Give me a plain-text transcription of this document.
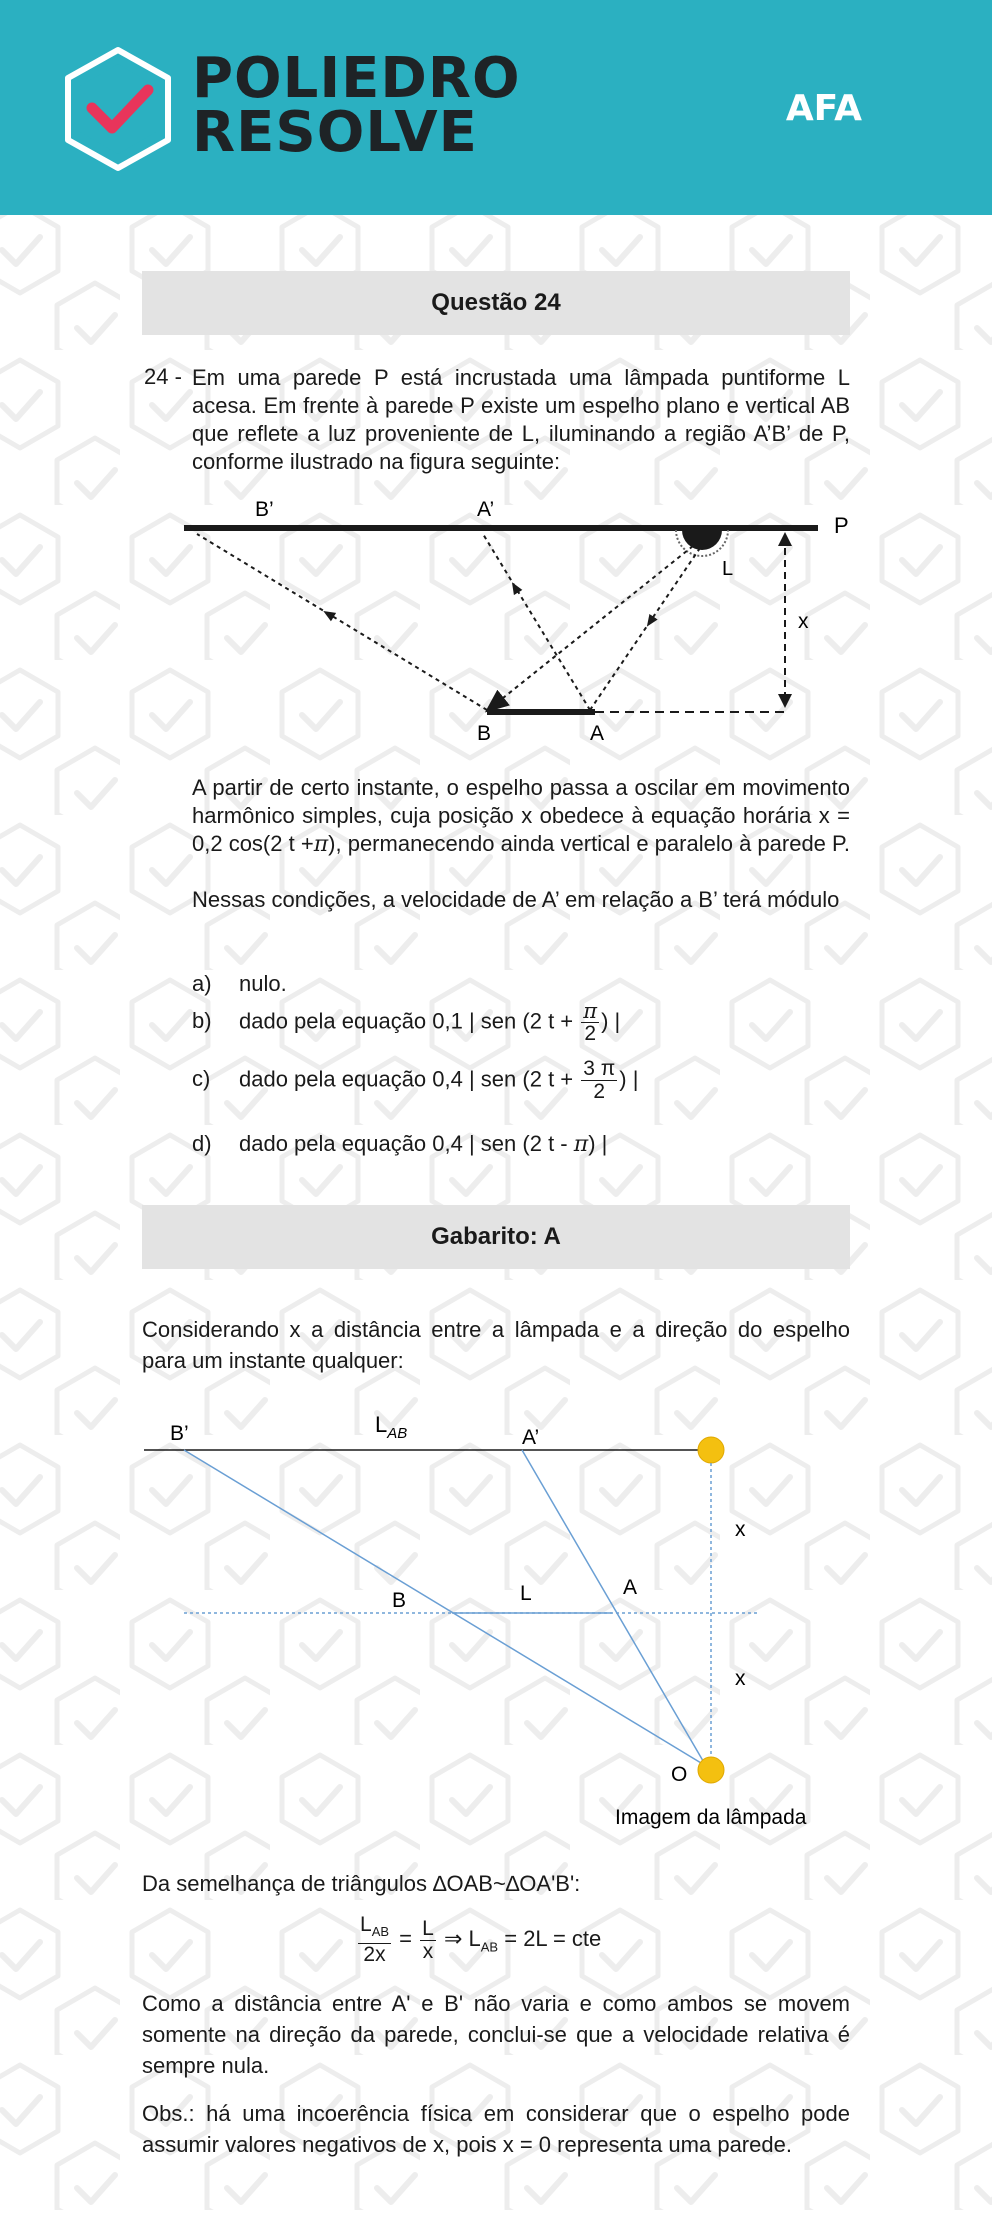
POLIEDRO
RESOLVE	AFA
Questão 24
24 - Em uma parede P está incrustada uma lâmpada puntiforme L acesa. Em frente à parede P existe um espelho plano e vertical AB que reflete a luz proveniente de L, iluminando a região A’B’ de P, conforme ilustrado na figura seguinte:
P
B’	A’
L
B	A
x
A partir de certo instante, o espelho passa a oscilar em movimento harmônico simples, cuja posição x obedece à equação horária x = 0,2 cos(2 t +π), permanecendo ainda vertical e paralelo à parede P.
Nessas condições, a velocidade de A’ em relação a B’ terá módulo
a) nulo.
b) dado pela equação 0,1 | sen (2 $t + \frac{\pi}{2}$ ) |
c) dado pela equação 0,4 | sen (2 $t + \frac{3 \pi}{2}$ ) |
d) dado pela equação 0,4 | sen (2 t - π) |
Gabarito: A
Considerando x a distância entre a lâmpada e a direção do espelho para um instante qualquer:
B’	$L_{AB}$	A’
x
B	L	A
x
O
Imagem da lâmpada
Da semelhança de triângulos ∆OAB~∆OA'B':
$\frac{L_{AB}}{2x} = \frac{L}{x}$ ⇒ $L_{AB} = 2L$ = cte
Como a distância entre A' e B' não varia e como ambos se movem somente na direção da parede, conclui-se que a velocidade relativa é sempre nula.
Obs.: há uma incoerência física em considerar que o espelho pode assumir valores negativos de x, pois x = 0 representa uma parede.
